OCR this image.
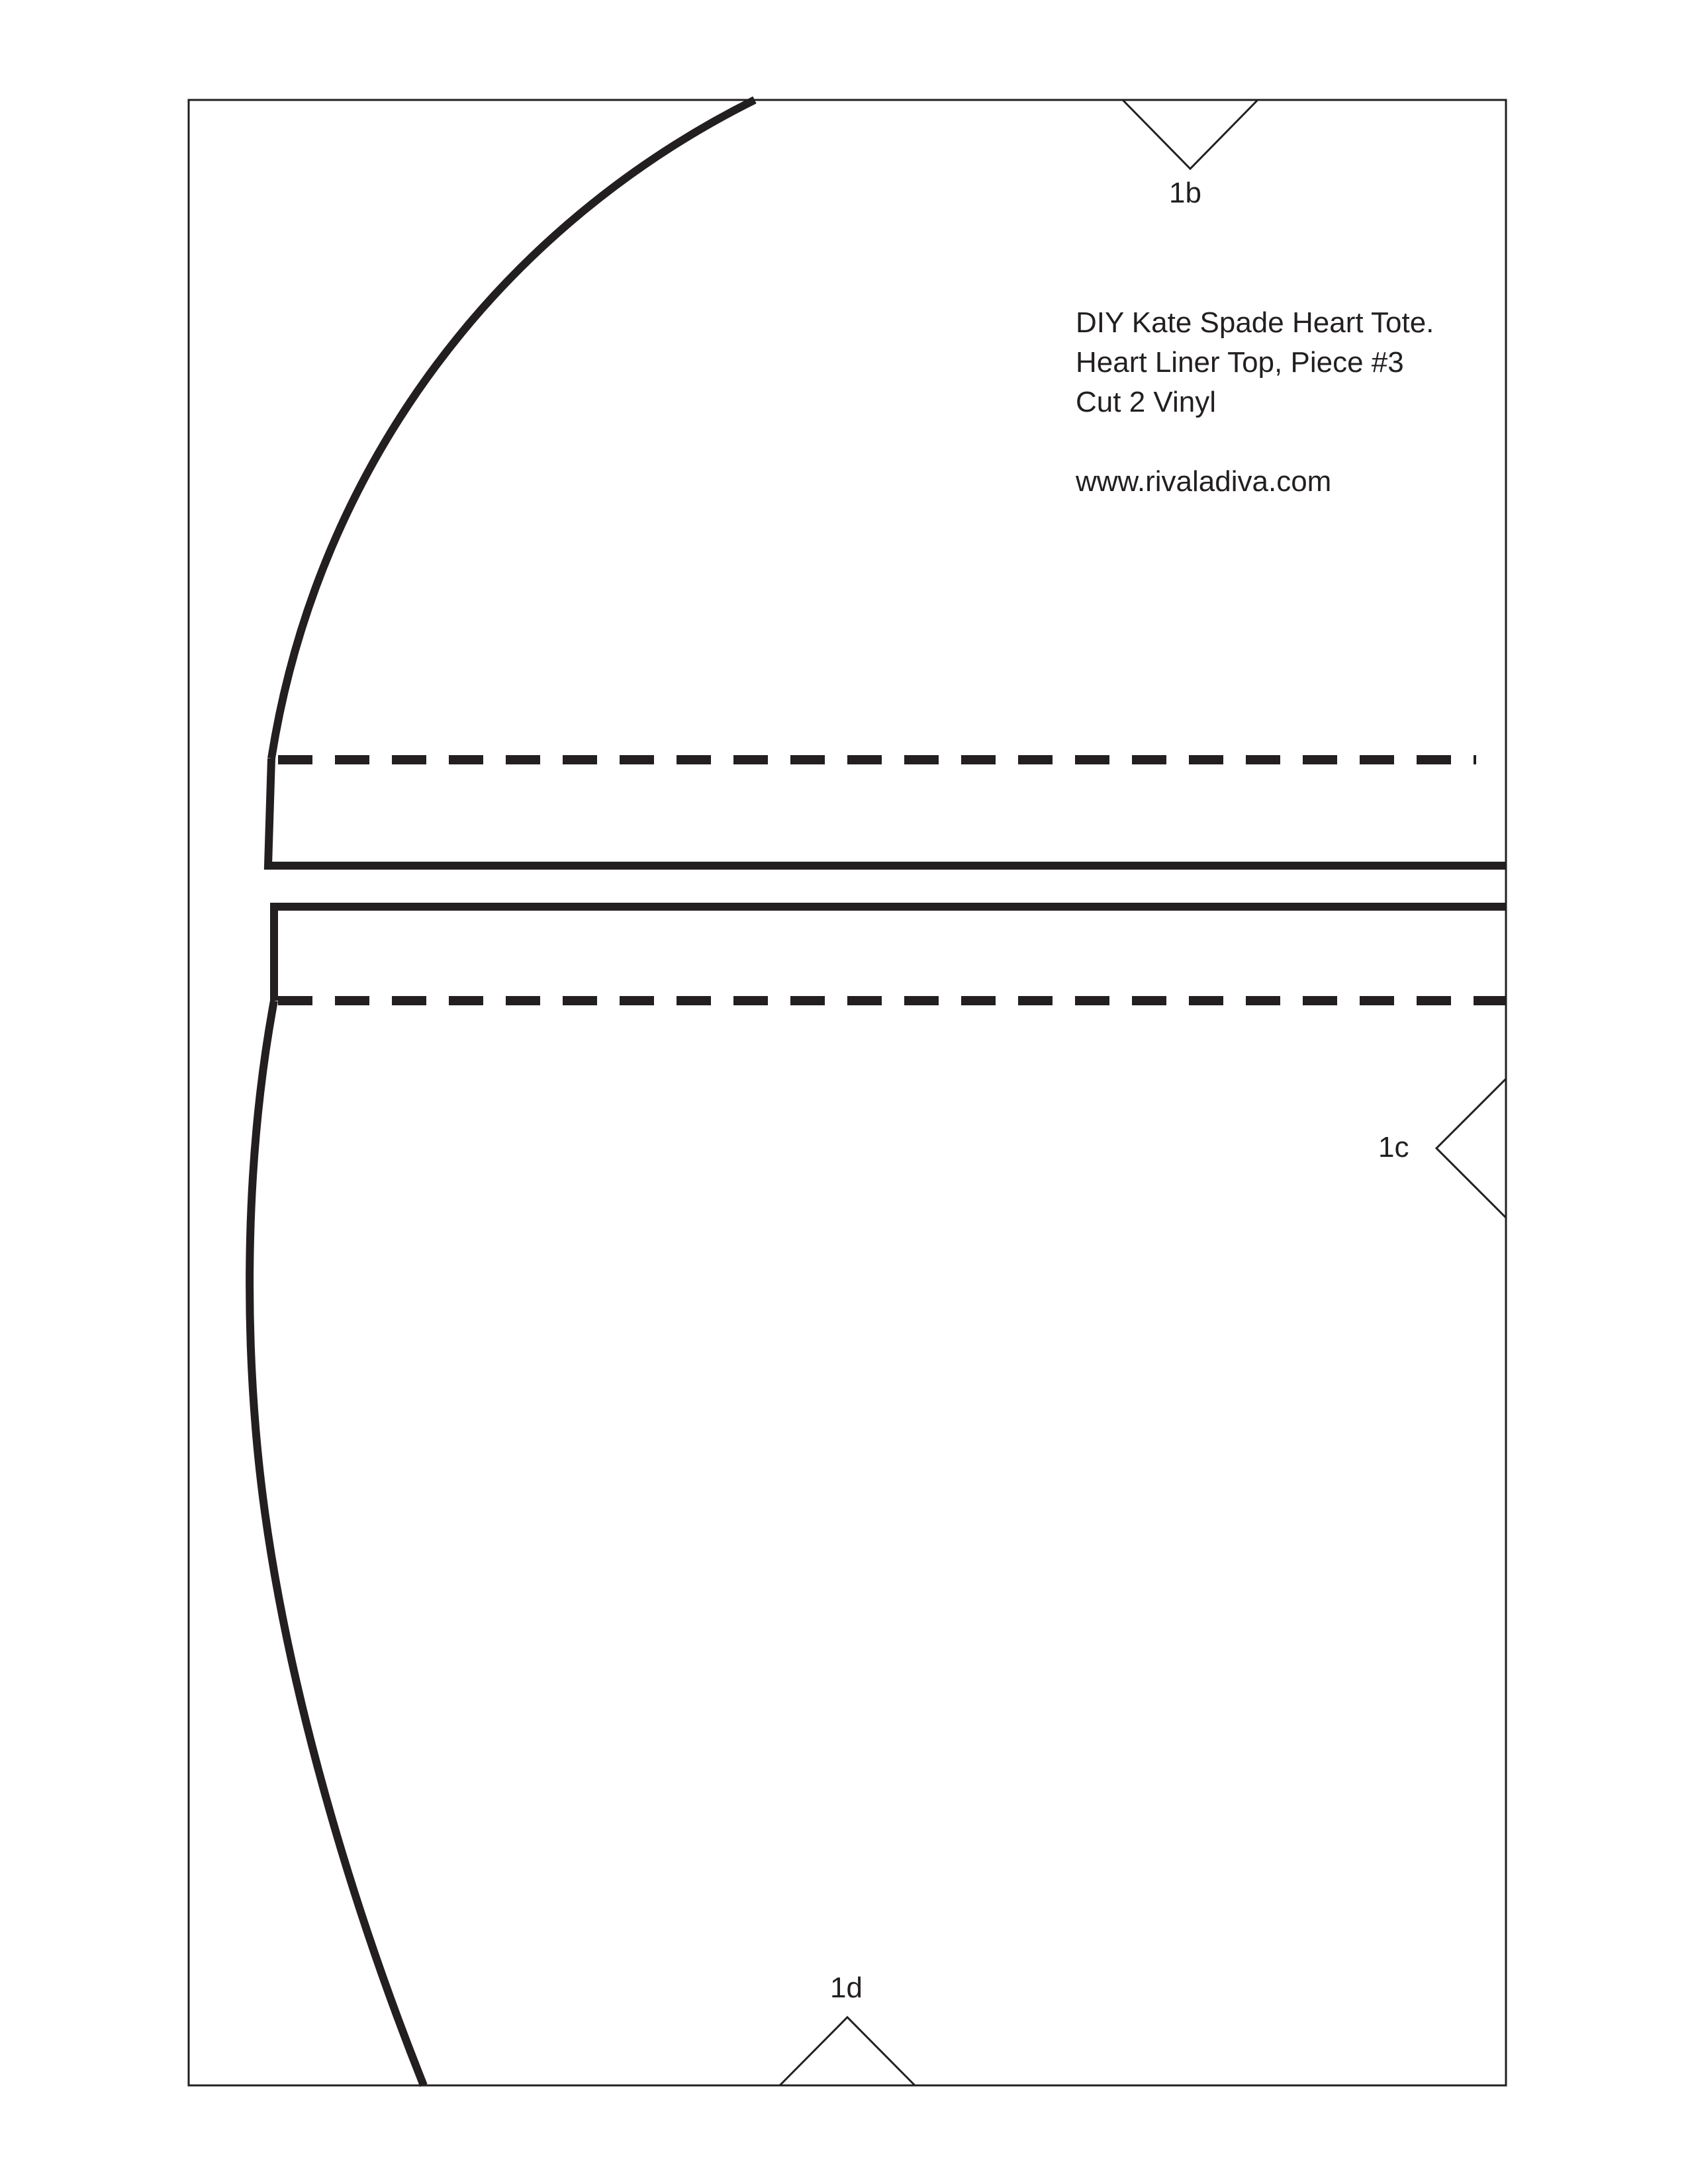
1b
1c
1d
DIY Kate Spade Heart Tote.
Heart Liner Top, Piece #3
Cut 2 Vinyl
www.rivaladiva.com
